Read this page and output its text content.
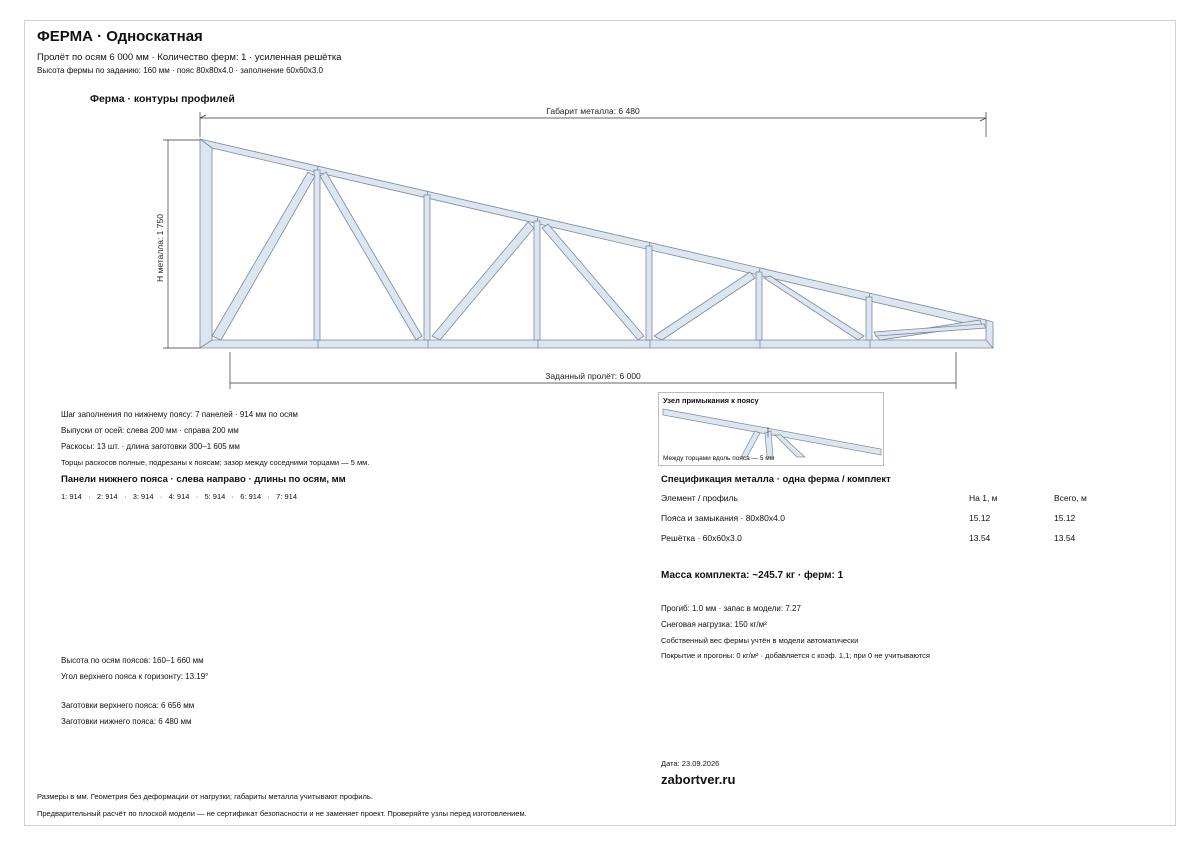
ФЕРМА · Односкатная
Пролёт по осям 6 000 мм · Количество ферм: 1 · усиленная решётка
Высота фермы по заданию: 160 мм · пояс 80x80x4.0 · заполнение 60x60x3.0
Ферма · контуры профилей
Габарит металла: 6 480
H металла: 1 750
Заданный пролёт: 6 000
Узел примыкания к поясу
Между торцами вдоль пояса — 5 мм
Шаг заполнения по нижнему поясу: 7 панелей · 914 мм по осям
Выпуски от осей: слева 200 мм · справа 200 мм
Раскосы: 13 шт. · длина заготовки 300–1 605 мм
Торцы раскосов полные, подрезаны к поясам; зазор между соседними торцами — 5 мм.
Панели нижнего пояса · слева направо · длины по осям, мм
1: 914   ·   2: 914   ·   3: 914   ·   4: 914   ·   5: 914   ·   6: 914   ·   7: 914
Высота по осям поясов: 160–1 660 мм
Угол верхнего пояса к горизонту: 13.19°
Заготовки верхнего пояса: 6 656 мм
Заготовки нижнего пояса: 6 480 мм
Спецификация металла · одна ферма / комплект
Элемент / профиль	На 1, м	Всего, м
Пояса и замыкания · 80x80x4.0	15.12	15.12
Решётка · 60x60x3.0	13.54	13.54
Масса комплекта: ~245.7 кг · ферм: 1
Прогиб: 1.0 мм · запас в модели: 7.27
Снеговая нагрузка: 150 кг/м²
Собственный вес фермы учтён в модели автоматически
Покрытие и прогоны: 0 кг/м² · добавляется с коэф. 1,1; при 0 не учитываются
Дата: 23.09.2026
zabortver.ru
Размеры в мм. Геометрия без деформации от нагрузки; габариты металла учитывают профиль.
Предварительный расчёт по плоской модели — не сертификат безопасности и не заменяет проект. Проверяйте узлы перед изготовлением.
